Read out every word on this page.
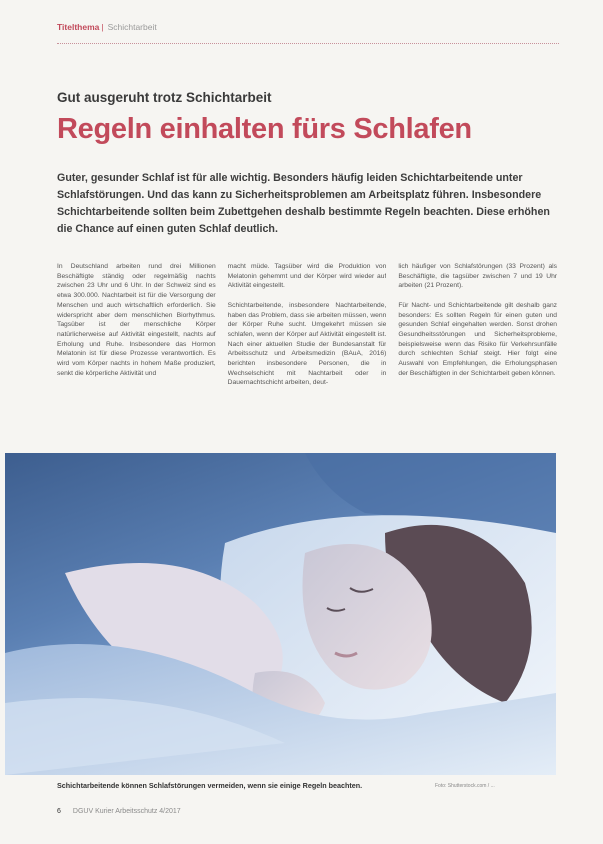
Titelthema | Schichtarbeit
Gut ausgeruht trotz Schichtarbeit
Regeln einhalten fürs Schlafen

Guter, gesunder Schlaf ist für alle wichtig. Besonders häufig leiden Schichtarbeitende unter Schlafstörungen. Und das kann zu Sicherheitsproblemen am Arbeitsplatz führen. Insbesondere Schichtarbeitende sollten beim Zubettgehen deshalb bestimmte Regeln beachten. Diese erhöhen die Chance auf einen guten Schlaf deutlich.

In Deutschland arbeiten rund drei Millionen Beschäftigte ständig oder regelmäßig nachts zwischen 23 Uhr und 6 Uhr. In der Schweiz sind es etwa 300.000. Nachtarbeit ist für die Versorgung der Menschen und auch wirtschaftlich erforderlich. Sie widerspricht aber dem menschlichen Biorhythmus. Tagsüber ist der menschliche Körper natürlicherweise auf Aktivität eingestellt, nachts auf Erholung und Ruhe. Insbesondere das Hormon Melatonin ist für diese Prozesse verantwortlich. Es wird vom Körper nachts in hohem Maße produziert, senkt die körperliche Aktivität und

macht müde. Tagsüber wird die Produktion von Melatonin gehemmt und der Körper wird wieder auf Aktivität eingestellt.

Schichtarbeitende, insbesondere Nachtarbeitende, haben das Problem, dass sie arbeiten müssen, wenn der Körper Ruhe sucht. Umgekehrt müssen sie schlafen, wenn der Körper auf Aktivität eingestellt ist. Nach einer aktuellen Studie der Bundesanstalt für Arbeitsschutz und Arbeitsmedizin (BAuA, 2016) berichten insbesondere Personen, die in Wechselschicht mit Nachtarbeit oder in Dauernachtschicht arbeiten, deut-

lich häufiger von Schlafstörungen (33 Prozent) als Beschäftigte, die tagsüber zwischen 7 und 19 Uhr arbeiten (21 Prozent).

Für Nacht- und Schichtarbeitende gilt deshalb ganz besonders: Es sollten Regeln für einen guten und gesunden Schlaf eingehalten werden. Sonst drohen Gesundheitsstörungen und Sicherheitsprobleme, beispielsweise wenn das Risiko für Verkehrsunfälle durch schlechten Schlaf steigt. Hier folgt eine Auswahl von Empfehlungen, die Erholungsphasen der Beschäftigten in der Schichtarbeit geben können.

Schichtarbeitende können Schlafstörungen vermeiden, wenn sie einige Regeln beachten.	Foto: Shutterstock.com / ...
6 DGUV Kurier Arbeitsschutz 4/2017
